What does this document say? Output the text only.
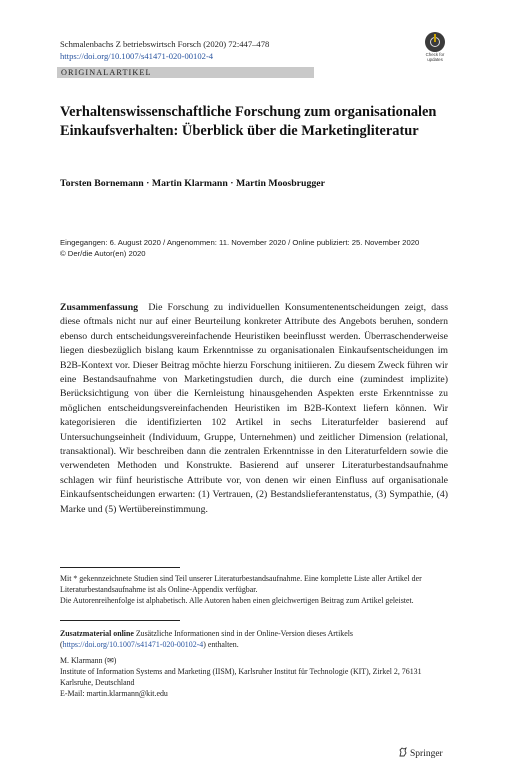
Schmalenbachs Z betriebswirtsch Forsch (2020) 72:447–478
https://doi.org/10.1007/s41471-020-00102-4	Check for updates
ORIGINALARTIKEL
Verhaltenswissenschaftliche Forschung zum organisationalen Einkaufsverhalten: Überblick über die Marketingliteratur
Torsten Bornemann · Martin Klarmann · Martin Moosbrugger
Eingegangen: 6. August 2020 / Angenommen: 11. November 2020 / Online publiziert: 25. November 2020
© Der/die Autor(en) 2020
Zusammenfassung Die Forschung zu individuellen Konsumentenentscheidungen zeigt, dass diese oftmals nicht nur auf einer Beurteilung konkreter Attribute des Angebots beruhen, sondern ebenso durch entscheidungsvereinfachende Heuristiken beeinflusst werden. Überraschenderweise liegen diesbezüglich bislang kaum Erkenntnisse zu organisationalen Einkaufsentscheidungen im B2B-Kontext vor. Dieser Beitrag möchte hierzu Forschung initiieren. Zu diesem Zweck führen wir eine Bestandsaufnahme von Marketingstudien durch, die durch eine (zumindest implizite) Berücksichtigung von über die Kernleistung hinausgehenden Aspekten erste Erkenntnisse zu möglichen entscheidungsvereinfachenden Heuristiken im B2B-Kontext liefern können. Wir kategorisieren die identifizierten 102 Artikel in sechs Literaturfelder basierend auf Untersuchungseinheit (Individuum, Gruppe, Unternehmen) und zeitlicher Dimension (relational, transaktional). Wir beschreiben dann die zentralen Erkenntnisse in den Literaturfeldern sowie die verwendeten Methoden und Konstrukte. Basierend auf unserer Literaturbestandsaufnahme schlagen wir fünf heuristische Attribute vor, von denen wir einen Einfluss auf organisationale Einkaufsentscheidungen erwarten: (1) Vertrauen, (2) Bestandslieferantenstatus, (3) Sympathie, (4) Marke und (5) Wertübereinstimmung.
Mit * gekennzeichnete Studien sind Teil unserer Literaturbestandsaufnahme. Eine komplette Liste aller Artikel der Literaturbestandsaufnahme ist als Online-Appendix verfügbar.
Die Autorenreihenfolge ist alphabetisch. Alle Autoren haben einen gleichwertigen Beitrag zum Artikel geleistet.
Zusatzmaterial online Zusätzliche Informationen sind in der Online-Version dieses Artikels (https://doi.org/10.1007/s41471-020-00102-4) enthalten.
M. Klarmann (✉)
Institute of Information Systems and Marketing (IISM), Karlsruher Institut für Technologie (KIT), Zirkel 2, 76131 Karlsruhe, Deutschland
E-Mail: martin.klarmann@kit.edu
Springer
